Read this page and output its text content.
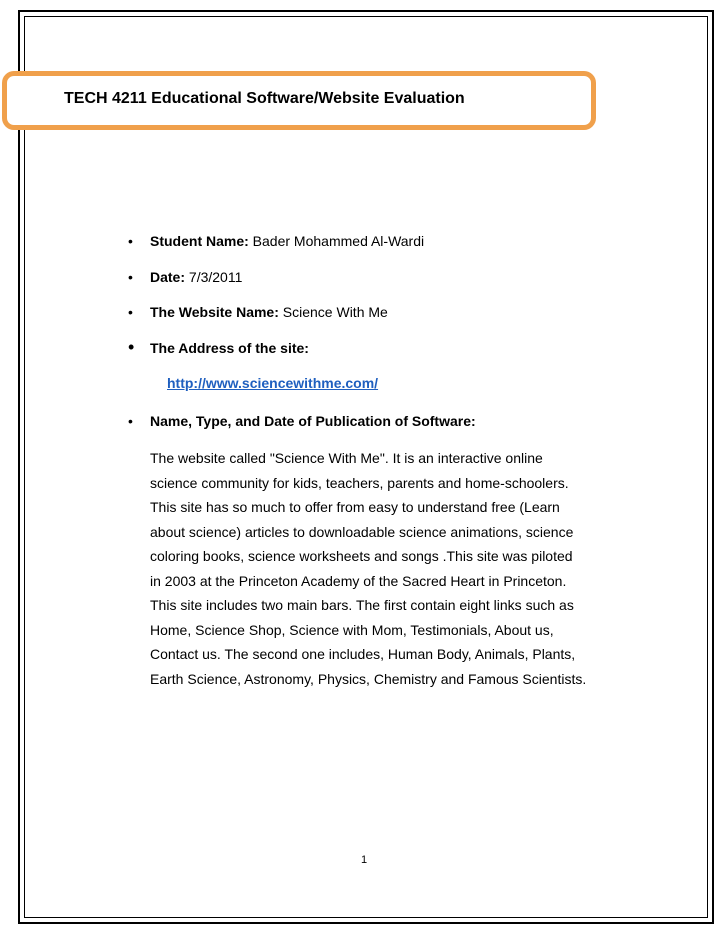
TECH 4211 Educational Software/Website Evaluation
• Student Name: Bader Mohammed Al-Wardi
• Date: 7/3/2011
• The Website Name: Science With Me
• The Address of the site:
• Name, Type, and Date of Publication of Software:
http://www.sciencewithme.com/

The website called "Science With Me". It is an interactive online
science community for kids, teachers, parents and home-schoolers.
This site has so much to offer from easy to understand free (Learn
about science) articles to downloadable science animations, science
coloring books, science worksheets and songs .This site was piloted
in 2003 at the Princeton Academy of the Sacred Heart in Princeton.
This site includes two main bars. The first contain eight links such as
Home, Science Shop, Science with Mom, Testimonials, About us,
Contact us. The second one includes, Human Body, Animals, Plants,
Earth Science, Astronomy, Physics, Chemistry and Famous Scientists.

1
